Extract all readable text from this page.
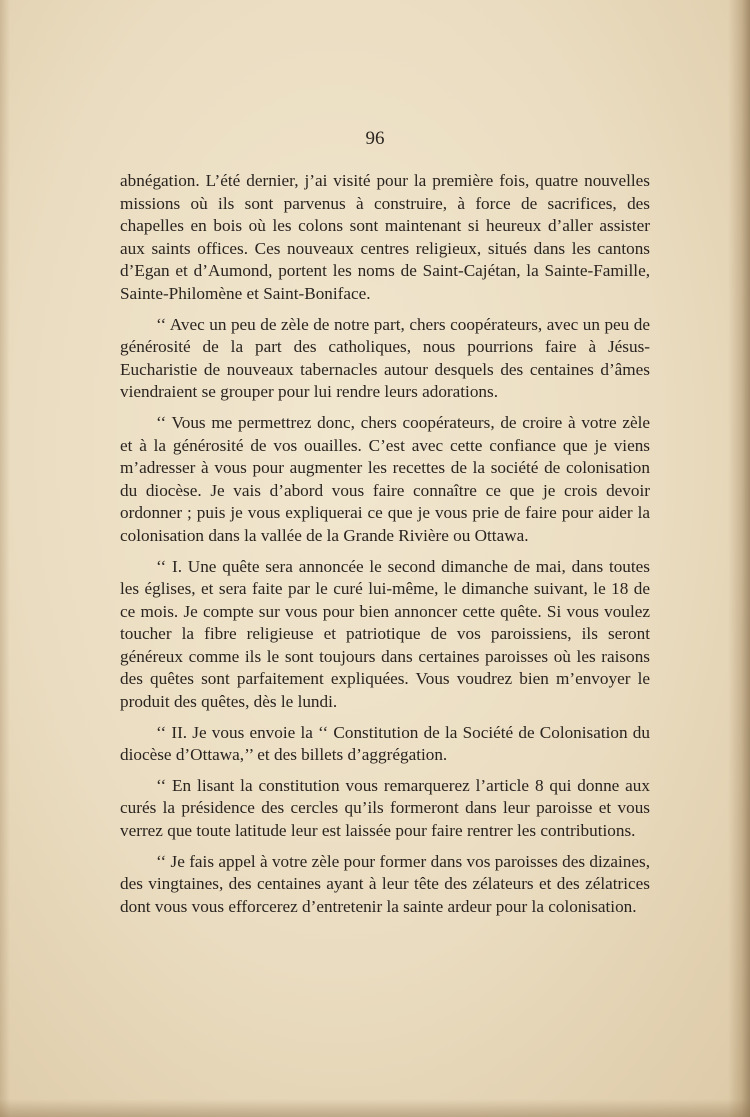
96

abnégation. L’été dernier, j’ai visité pour la première fois, quatre nouvelles missions où ils sont parvenus à construire, à force de sacrifices, des chapelles en bois où les colons sont maintenant si heureux d’aller assister aux saints offices. Ces nouveaux centres religieux, situés dans les cantons d’Egan et d’Aumond, portent les noms de Saint-Cajétan, la Sainte-Famille, Sainte-Philomène et Saint-Boniface.

‘‘ Avec un peu de zèle de notre part, chers coopérateurs, avec un peu de générosité de la part des catholiques, nous pourrions faire à Jésus-Eucharistie de nouveaux tabernacles autour desquels des centaines d’âmes viendraient se grouper pour lui rendre leurs adorations.

‘‘ Vous me permettrez donc, chers coopérateurs, de croire à votre zèle et à la générosité de vos ouailles. C’est avec cette confiance que je viens m’adresser à vous pour augmenter les recettes de la société de colonisation du diocèse. Je vais d’abord vous faire connaître ce que je crois devoir ordonner ; puis je vous expliquerai ce que je vous prie de faire pour aider la colonisation dans la vallée de la Grande Rivière ou Ottawa.

‘‘ I. Une quête sera annoncée le second dimanche de mai, dans toutes les églises, et sera faite par le curé lui-même, le dimanche suivant, le 18 de ce mois. Je compte sur vous pour bien annoncer cette quête. Si vous voulez toucher la fibre religieuse et patriotique de vos paroissiens, ils seront généreux comme ils le sont toujours dans certaines paroisses où les raisons des quêtes sont parfaitement expliquées. Vous voudrez bien m’envoyer le produit des quêtes, dès le lundi.

‘‘ II. Je vous envoie la ‘‘ Constitution de la Société de Colonisation du diocèse d’Ottawa,’’ et des billets d’aggrégation.

‘‘ En lisant la constitution vous remarquerez l’article 8 qui donne aux curés la présidence des cercles qu’ils formeront dans leur paroisse et vous verrez que toute latitude leur est laissée pour faire rentrer les contributions.

‘‘ Je fais appel à votre zèle pour former dans vos paroisses des dizaines, des vingtaines, des centaines ayant à leur tête des zélateurs et des zélatrices dont vous vous efforcerez d’entretenir la sainte ardeur pour la colonisation.
